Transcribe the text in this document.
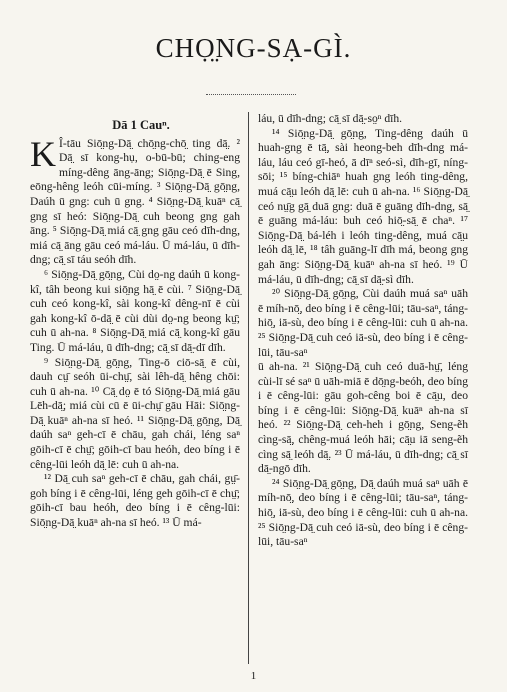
CHỌ̤NG-SẠ-GÌ.
Dā 1 Cauⁿ.

K Î-tāu Siō̤ng-Dā̤ chō̤ng-chō̤ ting dā̤. ² Dā̤ sī kong-hụ, o-bū-bū; ching-eng míng-dêng āng-āng; Siō̤ng-Dā̤ ē Sing, eōng-hêng leóh cūi-míng. ³ Siō̤ng-Dā̤ gō̤ng, Daúh ū gng: cuh ū gng. ⁴ Siō̤ng-Dā̤ kuāⁿ cā̤ gng sī heó: Siō̤ng-Dā̤ cuh beong gng gah āng. ⁵ Siō̤ng-Dā̤ miá cā̤ gng gāu ceó dīh-dng, miá cā̤ āng gāu ceó má-láu. Ū má-láu, ū dīh-dng; cā̤ sī táu seóh dīh.

⁶ Siō̤ng-Dā̤ gō̤ng, Cùi do̤-ng daúh ū kong-kî, tâh beong kui siō̤ng hā̤ ē cùi. ⁷ Siō̤ng-Dā̤ cuh ceó kong-kî, sài kong-kî dêng-nī ē cùi gah kong-kî ō-dā̤ ē cùi dùi do̤-ng beong kṳ̄; cuh ū ah-na. ⁸ Siō̤ng-Dā̤ miá cā̤ kong-kî gāu Ting. Ū má-láu, ū dīh-dng; cā̤ sī dā̤-dī dīh.

⁹ Siō̤ng-Dā̤ gō̤ng, Ting-ō ciō-sā̤ ē cùi, dauh cṳ̄ seóh ūi-chṳ̄, sài lêh-dā̤ hêng chōi: cuh ū ah-na. ¹⁰ Cā̤ do̤ ē tó Siō̤ng-Dā̤ miá gāu Lēh-dā̤; miá cùi cū ē ūi-chṳ̄ gāu Hāi: Siō̤ng-Dā̤ kuāⁿ ah-na sī heó. ¹¹ Siō̤ng-Dā̤ gō̤ng, Dā̤ daúh saⁿ geh-cī ē chāu, gah chái, léng saⁿ gōih-cī ē chṳ̄; gōih-cī bau heóh, deo bíng i ē cêng-lūi leóh dā̤ lē: cuh ū ah-na.

¹² Dā̤ cuh saⁿ geh-cī ē chāu, gah chái, gṳ̄-goh bíng i ē cêng-lūi, léng geh gōih-cī ē chṳ̄; gōih-cī bau heóh, deo bíng i ē cêng-lūi: Siō̤ng-Dā̤ kuāⁿ ah-na sī heó. ¹³ Ū má-

láu, ū dīh-dng; cā̤ sī dā̤-so̤ⁿ dīh.

¹⁴ Siō̤ng-Dā̤ gō̤ng, Ting-dêng daúh ū huah-gng ē tā̤, sài heong-beh dīh-dng má-láu, láu ceó gī-heó, ā dīⁿ seó-sì, dīh-gī, níng-sōi; ¹⁵ bíng-chiāⁿ huah gng leóh ting-dêng, muá cā̤u leóh dā̤ lē: cuh ū ah-na. ¹⁶ Siō̤ng-Dā̤ ceó nṳ̄g gā̤ duā gng: duā ē guāng dīh-dng, sā̤ ē guāng má-láu: buh ceó hiō̤-sā̤ ē chaⁿ. ¹⁷ Siō̤ng-Dā̤ bá-léh i leóh ting-dêng, muá cā̤u leóh dā̤ lē, ¹⁸ tâh guāng-lī dīh má, beong gng gah āng: Siō̤ng-Dā̤ kuāⁿ ah-na sī heó. ¹⁹ Ū má-láu, ū dīh-dng; cā̤ sī dā̤-sì dīh.

²⁰ Siō̤ng-Dā̤ gō̤ng, Cùi daúh muá saⁿ uāh ē míh-nō̤, deo bíng i ē cêng-lūi; tāu-saⁿ, táng-hiō̤, iā-sù, deo bíng i ē cêng-lūi: cuh ū ah-na. ²⁵ Siō̤ng-Dā̤ cuh ceó iā-sù, deo bíng i ē cêng-lūi, tāu-saⁿ

ū ah-na. ²¹ Siō̤ng-Dā̤ cuh ceó duā-hṳ̄, léng cùi-lī sé saⁿ ū uāh-miā ē dō̤ng-beóh, deo bíng i ē cêng-lūi: gāu goh-cêng boi ē cā̤u, deo bíng i ē cêng-lūi: Siō̤ng-Dā̤ kuāⁿ ah-na sī heó. ²² Siō̤ng-Dā̤ ceh-heh i gō̤ng, Seng-ẽh cìng-sā̤, chêng-muá leóh hāi; cā̤u iā seng-ẽh cìng sā̤ leóh dā̤. ²³ Ū má-láu, ū dīh-dng; cā̤ sī dā̤-ngō dīh.

²⁴ Siō̤ng-Dā̤ gō̤ng, Dā̤ daúh muá saⁿ uāh ē míh-nō̤, deo bíng i ē cêng-lūi; tāu-saⁿ, táng-hiō̤, iā-sù, deo bíng i ē cêng-lūi: cuh ū ah-na. ²⁵ Siō̤ng-Dā̤ cuh ceó iā-sù, deo bíng i ē cêng-lūi, tāu-saⁿ

1
